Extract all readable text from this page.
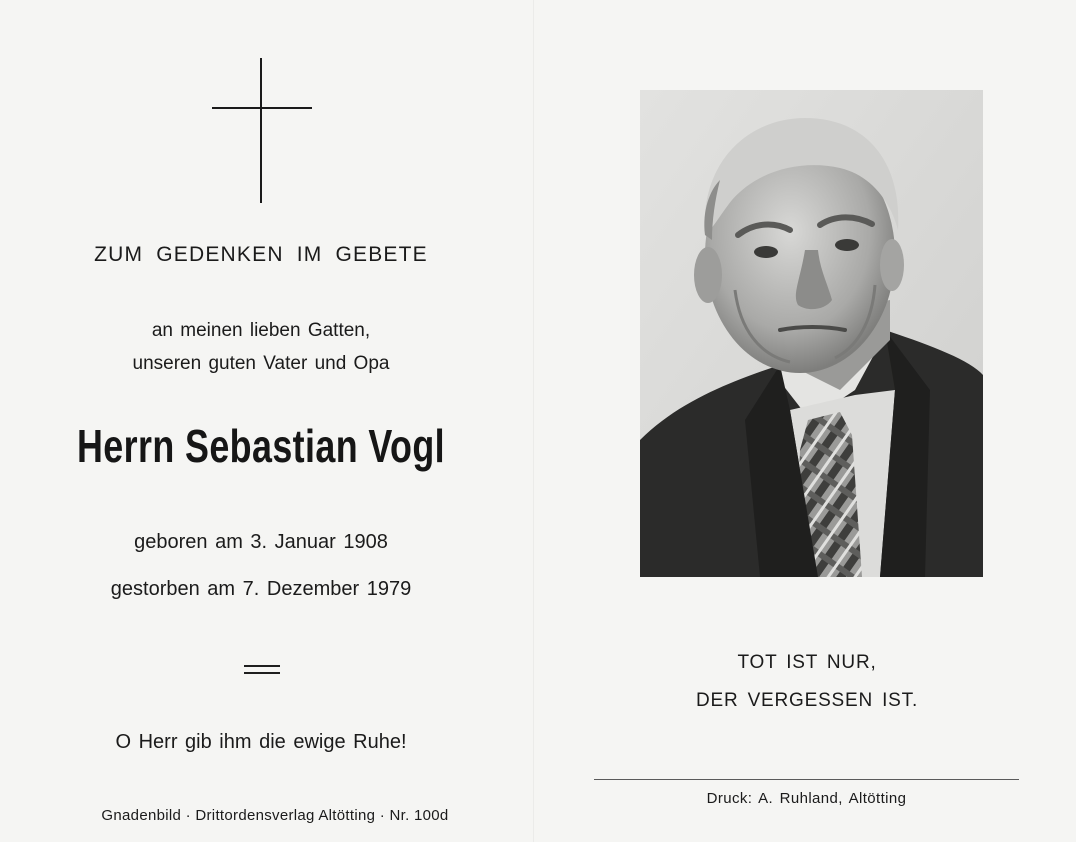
ZUM GEDENKEN IM GEBETE
an meinen lieben Gatten,
unseren guten Vater und Opa
Herrn Sebastian Vogl
geboren am 3. Januar 1908
gestorben am 7. Dezember 1979
O Herr gib ihm die ewige Ruhe!
Gnadenbild · Drittordensverlag Altötting · Nr. 100d
TOT IST NUR,
DER VERGESSEN IST.
Druck: A. Ruhland, Altötting
